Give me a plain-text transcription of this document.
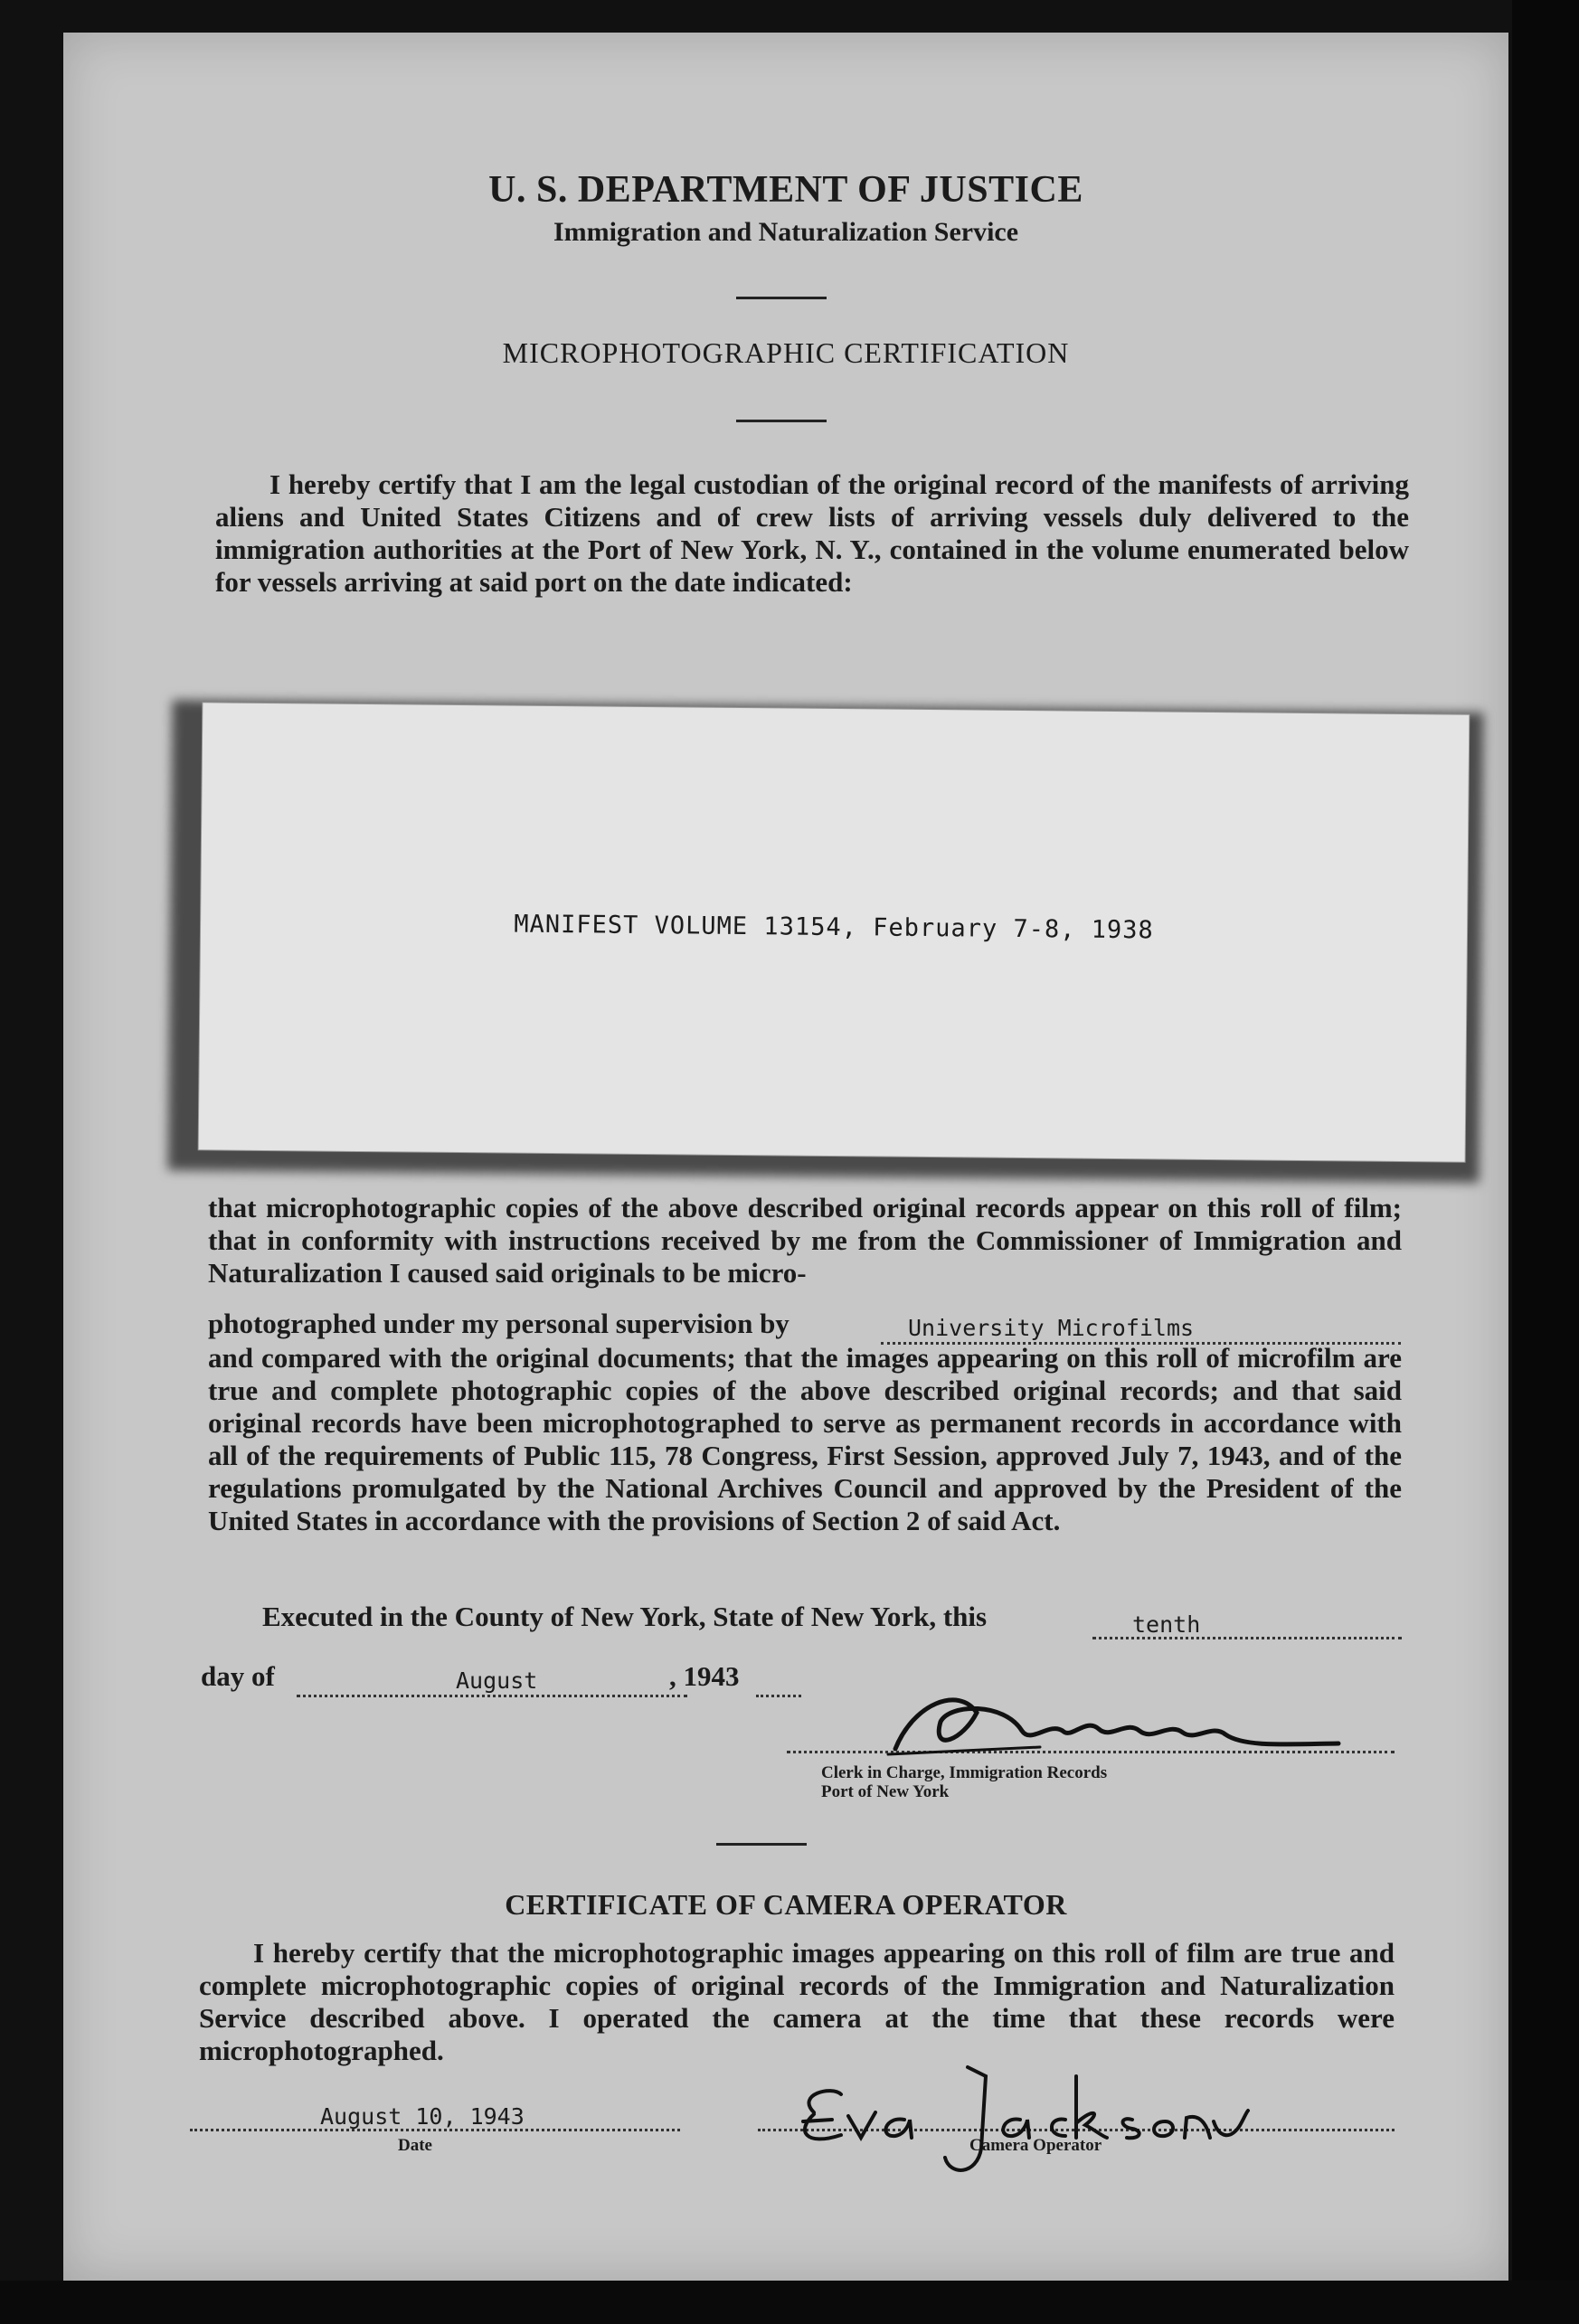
U. S. DEPARTMENT OF JUSTICE
Immigration and Naturalization Service
MICROPHOTOGRAPHIC CERTIFICATION
I hereby certify that I am the legal custodian of the original record of the manifests of arriving aliens and United States Citizens and of crew lists of arriving vessels duly delivered to the immigration authorities at the Port of New York, N. Y., contained in the volume enumerated below for vessels arriving at said port on the date indicated:
MANIFEST VOLUME 13154, February 7-8, 1938
that microphotographic copies of the above described original records appear on this roll of film; that in conformity with instructions received by me from the Commissioner of Immigration and Naturalization I caused said originals to be micro-
photographed under my personal supervision by	University Microfilms
and compared with the original documents; that the images appearing on this roll of microfilm are true and complete photographic copies of the above described original records; and that said original records have been microphotographed to serve as permanent records in accordance with all of the requirements of Public 115, 78 Congress, First Session, approved July 7, 1943, and of the regulations promulgated by the National Archives Council and approved by the President of the United States in accordance with the provisions of Section 2 of said Act.
Executed in the County of New York, State of New York, this	tenth
day of	August	, 1943
Clerk in Charge, Immigration Records
Port of New York
CERTIFICATE OF CAMERA OPERATOR
I hereby certify that the microphotographic images appearing on this roll of film are true and complete microphotographic copies of original records of the Immigration and Naturalization Service described above. I operated the camera at the time that these records were microphotographed.
August 10, 1943
Date	Camera Operator
